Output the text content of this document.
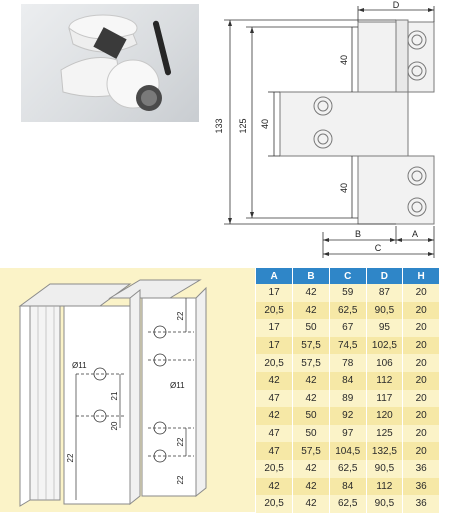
D
133 125
40
40
40
B	A
C
22
Ø11
21
Ø11
20
22
22
22
A	B	C	D	H
17	42	59	87	20
20,5	42	62,5	90,5	20
17	50	67	95	20
17	57,5	74,5	102,5	20
20,5	57,5	78	106	20
42	42	84	112	20
47	42	89	117	20
42	50	92	120	20
47	50	97	125	20
47	57,5	104,5	132,5	20
20,5	42	62,5	90,5	36
42	42	84	112	36
20,5	42	62,5	90,5	36
